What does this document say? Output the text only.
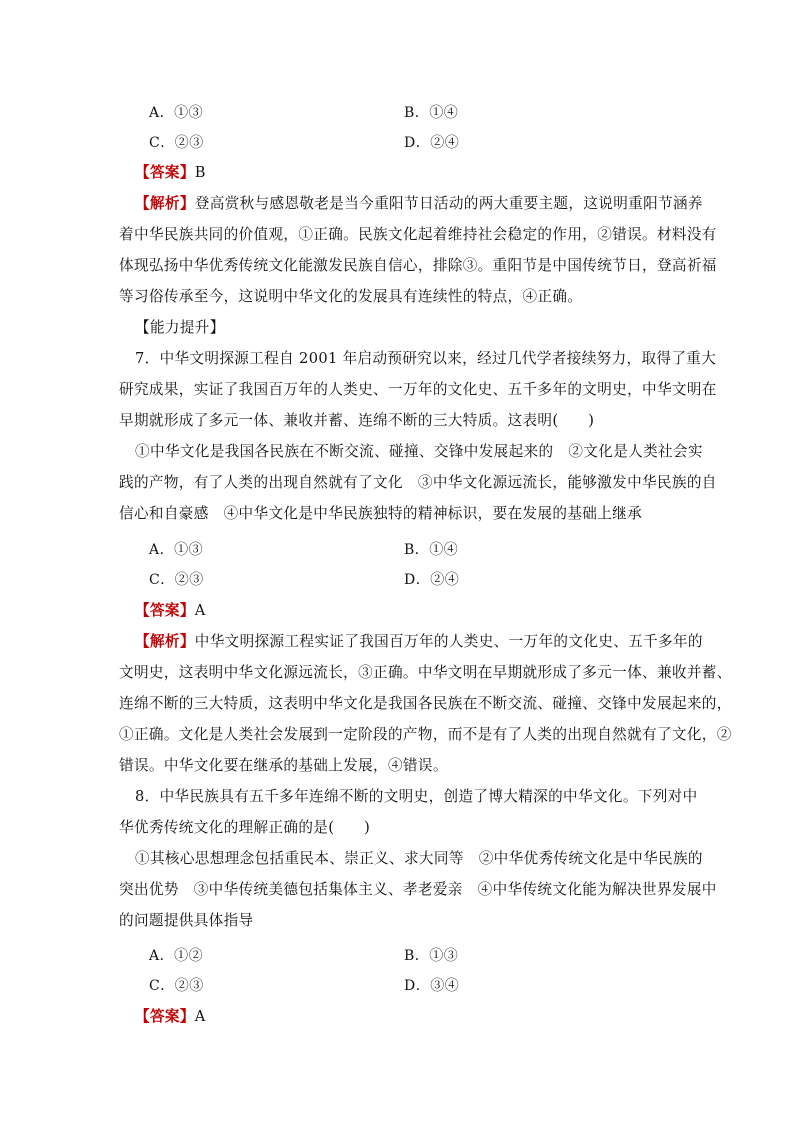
A．①③	B．①④
C．②③	D．②④
【答案】B
【解析】登高赏秋与感恩敬老是当今重阳节日活动的两大重要主题，这说明重阳节涵养
着中华民族共同的价值观，①正确。民族文化起着维持社会稳定的作用，②错误。材料没有
体现弘扬中华优秀传统文化能激发民族自信心，排除③。重阳节是中国传统节日，登高祈福
等习俗传承至今，这说明中华文化的发展具有连续性的特点，④正确。
【能力提升】
7．中华文明探源工程自 2001 年启动预研究以来，经过几代学者接续努力，取得了重大
研究成果，实证了我国百万年的人类史、一万年的文化史、五千多年的文明史，中华文明在
早期就形成了多元一体、兼收并蓄、连绵不断的三大特质。这表明(　　)
①中华文化是我国各民族在不断交流、碰撞、交锋中发展起来的　②文化是人类社会实
践的产物，有了人类的出现自然就有了文化　③中华文化源远流长，能够激发中华民族的自
信心和自豪感　④中华文化是中华民族独特的精神标识，要在发展的基础上继承
A．①③	B．①④
C．②③	D．②④
【答案】A
【解析】中华文明探源工程实证了我国百万年的人类史、一万年的文化史、五千多年的
文明史，这表明中华文化源远流长，③正确。中华文明在早期就形成了多元一体、兼收并蓄、
连绵不断的三大特质，这表明中华文化是我国各民族在不断交流、碰撞、交锋中发展起来的，
①正确。文化是人类社会发展到一定阶段的产物，而不是有了人类的出现自然就有了文化，②
错误。中华文化要在继承的基础上发展，④错误。
8．中华民族具有五千多年连绵不断的文明史，创造了博大精深的中华文化。下列对中
华优秀传统文化的理解正确的是(　　)
①其核心思想理念包括重民本、崇正义、求大同等　②中华优秀传统文化是中华民族的
突出优势　③中华传统美德包括集体主义、孝老爱亲　④中华传统文化能为解决世界发展中
的问题提供具体指导
A．①②	B．①③
C．②③	D．③④
【答案】A
